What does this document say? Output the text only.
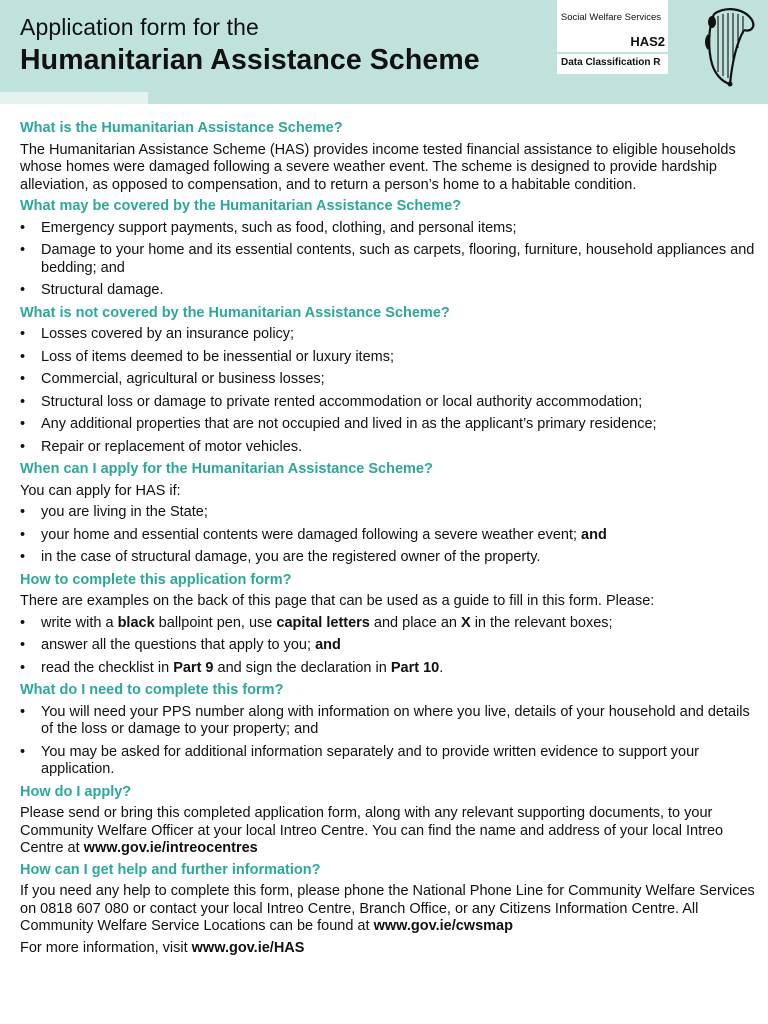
Application form for the
Humanitarian Assistance Scheme
Social Welfare Services
HAS2
Data Classification R
What is the Humanitarian Assistance Scheme?

The Humanitarian Assistance Scheme (HAS) provides income tested financial assistance to eligible households whose homes were damaged following a severe weather event. The scheme is designed to provide hardship alleviation, as opposed to compensation, and to return a person’s home to a habitable condition.

What may be covered by the Humanitarian Assistance Scheme?
• Emergency support payments, such as food, clothing, and personal items;
• Damage to your home and its essential contents, such as carpets, flooring, furniture, household appliances and bedding; and
• Structural damage.
What is not covered by the Humanitarian Assistance Scheme?
• Losses covered by an insurance policy;
• Loss of items deemed to be inessential or luxury items;
• Commercial, agricultural or business losses;
• Structural loss or damage to private rented accommodation or local authority accommodation;
• Any additional properties that are not occupied and lived in as the applicant’s primary residence;
• Repair or replacement of motor vehicles.
When can I apply for the Humanitarian Assistance Scheme?

You can apply for HAS if:

• you are living in the State;
• your home and essential contents were damaged following a severe weather event; and
• in the case of structural damage, you are the registered owner of the property.
How to complete this application form?

There are examples on the back of this page that can be used as a guide to fill in this form. Please:

• write with a black ballpoint pen, use capital letters and place an X in the relevant boxes;
• answer all the questions that apply to you; and
• read the checklist in Part 9 and sign the declaration in Part 10.
What do I need to complete this form?
• You will need your PPS number along with information on where you live, details of your household and details of the loss or damage to your property; and
• You may be asked for additional information separately and to provide written evidence to support your application.
How do I apply?

Please send or bring this completed application form, along with any relevant supporting documents, to your Community Welfare Officer at your local Intreo Centre. You can find the name and address of your local Intreo Centre at www.gov.ie/intreocentres

How can I get help and further information?

If you need any help to complete this form, please phone the National Phone Line for Community Welfare Services on 0818 607 080 or contact your local Intreo Centre, Branch Office, or any Citizens Information Centre. All Community Welfare Service Locations can be found at www.gov.ie/cwsmap

For more information, visit www.gov.ie/HAS
